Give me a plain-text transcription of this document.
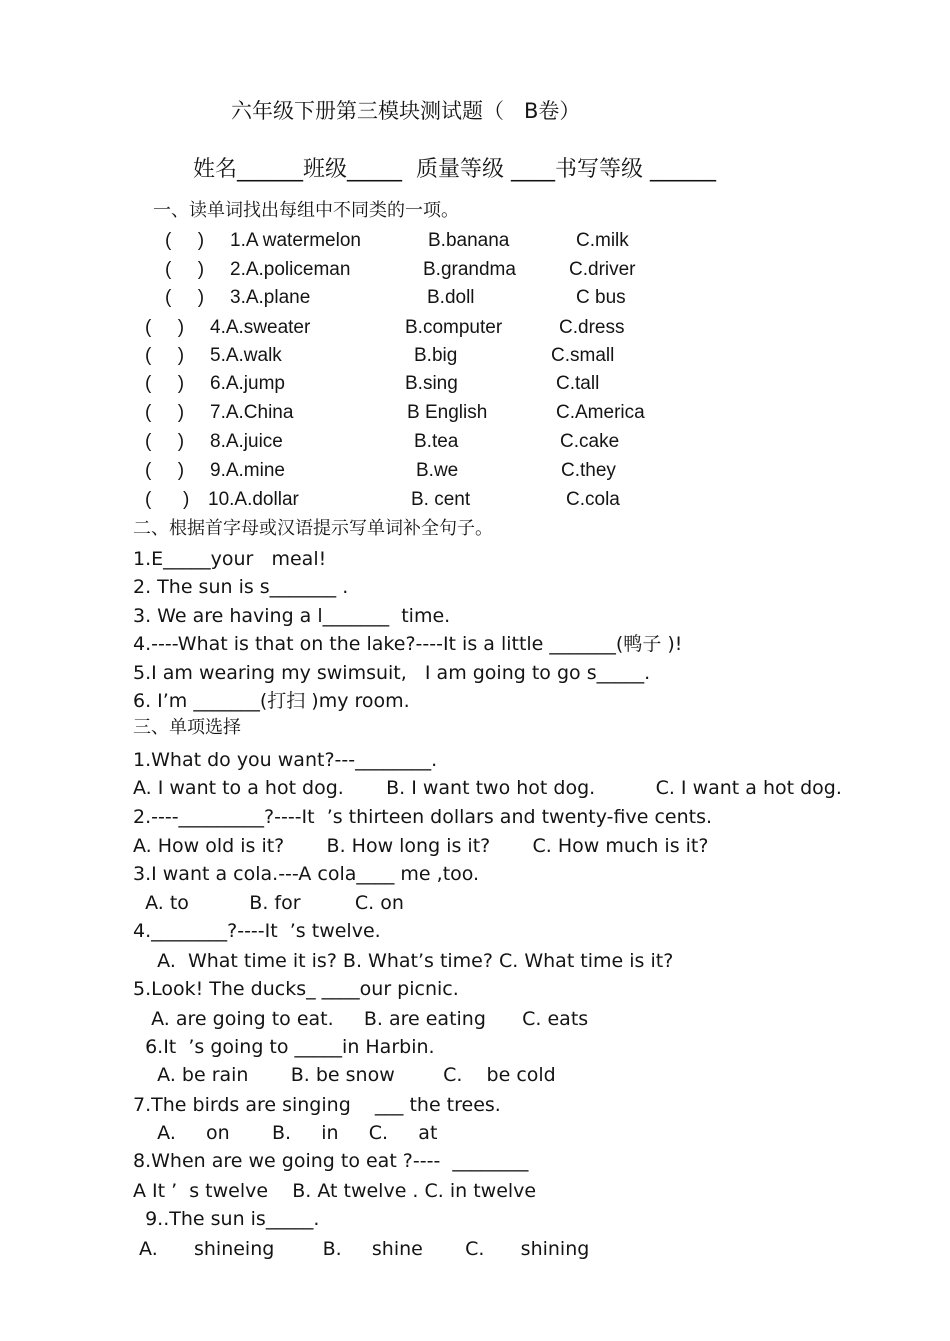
六年级下册第三模块测试题（   B卷）
姓名______班级_____  质量等级 ____书写等级 ______
一、读单词找出每组中不同类的一项。
(     ) 1.A watermelon	B.banana	C.milk
(     ) 2.A.policeman	B.grandma	C.driver
(     ) 3.A.plane	B.doll	C bus
(     ) 4.A.sweater	B.computer	C.dress
(     ) 5.A.walk	B.big	C.small
(     ) 6.A.jump	B.sing	C.tall
(     ) 7.A.China	B English	C.America
(     ) 8.A.juice	B.tea	C.cake
(     ) 9.A.mine	B.we	C.they
(      ) 10.A.dollar	B. cent	C.cola
二、根据首字母或汉语提示写单词补全句子。
1.E_____your   meal!
2. The sun is s_______ .
3. We are having a l_______  time.
4.----What is that on the lake?----It is a little _______(鸭子 )!
5.I am wearing my swimsuit,   I am going to go s_____.
6. I’m _______(打扫 )my room.
三、单项选择
1.What do you want?---________.
A. I want to a hot dog.       B. I want two hot dog.          C. I want a hot dog.
2.----_________?----It  ’s thirteen dollars and twenty-five cents.
A. How old is it?       B. How long is it?       C. How much is it?
3.I want a cola.---A cola____ me ,too.
A. to          B. for         C. on
4.________?----It  ’s twelve.
A.  What time it is? B. What’s time? C. What time is it?
5.Look! The ducks_ ____our picnic.
A. are going to eat.     B. are eating      C. eats
6.It  ’s going to _____in Harbin.
A. be rain       B. be snow        C.    be cold
7.The birds are singing    ___ the trees.
A.     on       B.     in     C.     at
8.When are we going to eat ?----  ________
A It ’  s twelve    B. At twelve . C. in twelve
9..The sun is_____.
A.      shineing        B.     shine       C.      shining
